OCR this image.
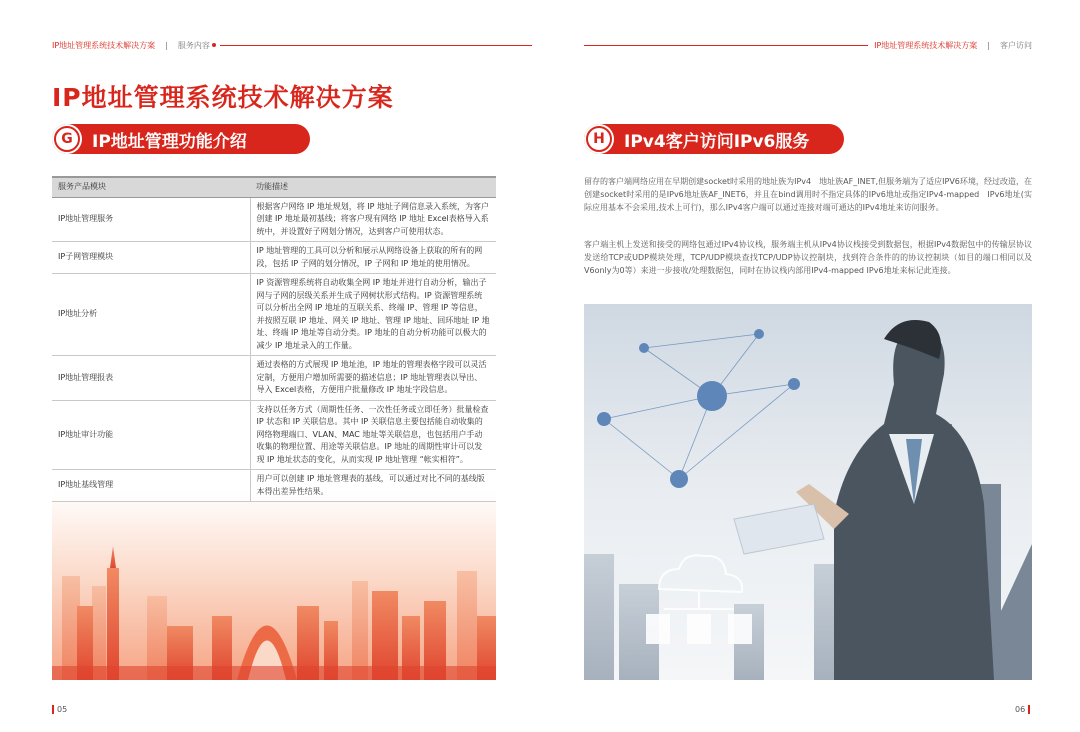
IP地址管理系统技术解决方案 | 服务内容	IP地址管理系统技术解决方案 | 客户访问
IP地址管理系统技术解决方案
G	IP地址管理功能介绍	H	IPv4客户访问IPv6服务
服务产品模块	功能描述
IP地址管理服务	根据客户网络 IP 地址规划，将 IP 地址子网信息录入系统，为客户创建 IP 地址最初基线；将客户现有网络 IP 地址 Excel表格导入系统中，并设置好子网划分情况，达到客户可使用状态。
IP子网管理模块	IP 地址管理的工具可以分析和展示从网络设备上获取的所有的网段，包括 IP 子网的划分情况，IP 子网和 IP 地址的使用情况。
IP地址分析	IP 资源管理系统将自动收集全网 IP 地址并进行自动分析，输出子网与子网的层级关系并生成子网树状形式结构。IP 资源管理系统可以分析出全网 IP 地址的互联关系、终端 IP、管理 IP 等信息，并按照互联 IP 地址、网关 IP 地址、管理 IP 地址、回环地址 IP 地址、终端 IP 地址等自动分类。IP 地址的自动分析功能可以极大的减少 IP 地址录入的工作量。
IP地址管理报表	通过表格的方式展现 IP 地址池，IP 地址的管理表格字段可以灵活定制，方便用户增加所需要的描述信息；IP 地址管理表以导出、导入 Excel表格，方便用户批量修改 IP 地址字段信息。
IP地址审计功能	支持以任务方式（周期性任务、一次性任务或立即任务）批量检查 IP 状态和 IP 关联信息。其中 IP 关联信息主要包括能自动收集的网络物理端口、VLAN、MAC 地址等关联信息，也包括用户手动收集的物理位置、用途等关联信息。IP 地址的周期性审计可以发现 IP 地址状态的变化，从而实现 IP 地址管理 “帐实相符”。
IP地址基线管理	用户可以创建 IP 地址管理表的基线，可以通过对比不同的基线版本得出差异性结果。

留存的客户端网络应用在早期创建socket时采用的地址族为IPv4　地址族AF_INET,但服务端为了适应IPV6环境，经过改造，在创建socket时采用的是IPv6地址族AF_INET6，并且在bind调用时不指定具体的IPv6地址或指定IPv4-mapped　IPv6地址(实际应用基本不会采用,技术上可行)，那么IPv4客户端可以通过连接对端可通达的IPv4地址来访问服务。

客户端主机上发送和接受的网络包通过IPv4协议栈，服务端主机从IPv4协议栈接受到数据包，根据IPv4数据包中的传输层协议发送给TCP或UDP模块处理，TCP/UDP模块查找TCP/UDP协议控制块，找到符合条件的的协议控制块（如目的端口相同以及V6only为0等）来进一步接收/处理数据包，同时在协议栈内部用IPv4-mapped IPv6地址来标记此连接。

05	06
